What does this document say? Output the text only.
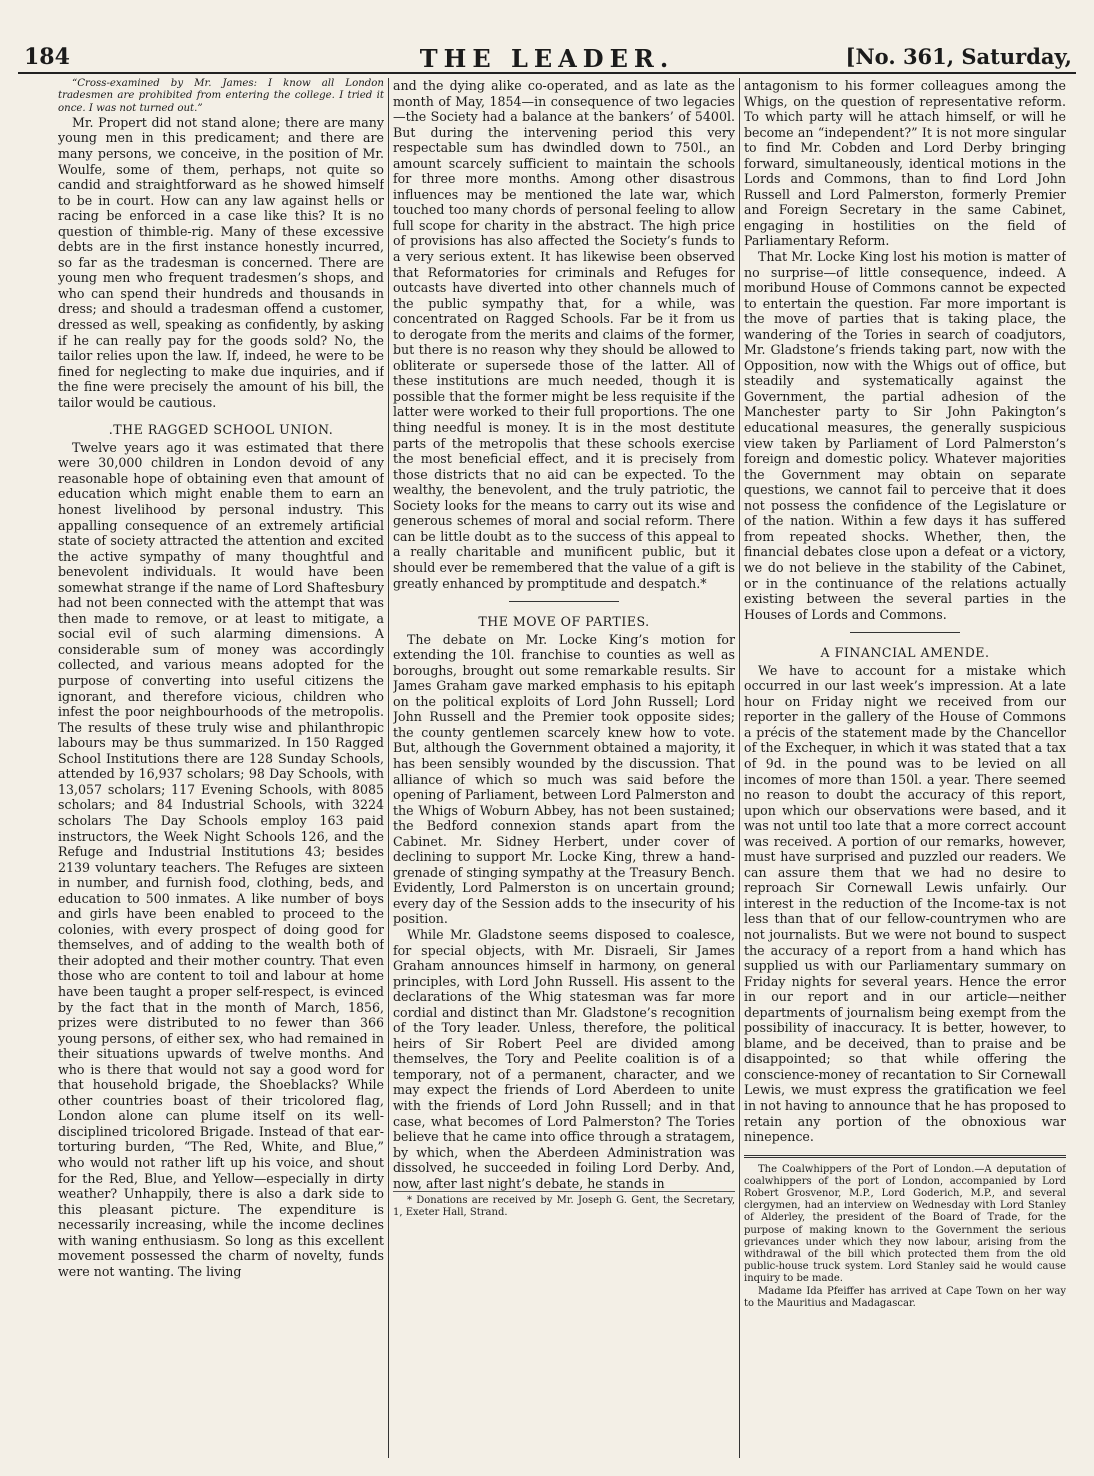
184	THE LEADER.	[No. 361, Saturday,

“Cross-examined by Mr. James: I know all London tradesmen are prohibited from entering the college. I tried it once. I was not turned out.”

Mr. Propert did not stand alone; there are many young men in this predicament; and there are many persons, we conceive, in the position of Mr. Woulfe, some of them, perhaps, not quite so candid and straightforward as he showed himself to be in court. How can any law against hells or racing be enforced in a case like this? It is no question of thimble-rig. Many of these excessive debts are in the first instance honestly incurred, so far as the tradesman is concerned. There are young men who frequent tradesmen’s shops, and who can spend their hundreds and thousands in dress; and should a tradesman offend a customer, dressed as well, speaking as confidently, by asking if he can really pay for the goods sold? No, the tailor relies upon the law. If, indeed, he were to be fined for neglecting to make due inquiries, and if the fine were precisely the amount of his bill, the tailor would be cautious.

.THE RAGGED SCHOOL UNION.

Twelve years ago it was estimated that there were 30,000 children in London devoid of any reasonable hope of obtaining even that amount of education which might enable them to earn an honest livelihood by personal industry. This appalling consequence of an extremely artificial state of society attracted the attention and excited the active sympathy of many thoughtful and benevolent individuals. It would have been somewhat strange if the name of Lord Shaftesbury had not been connected with the attempt that was then made to remove, or at least to mitigate, a social evil of such alarming dimensions. A considerable sum of money was accordingly collected, and various means adopted for the purpose of converting into useful citizens the ignorant, and therefore vicious, children who infest the poor neighbourhoods of the metropolis. The results of these truly wise and philanthropic labours may be thus summarized. In 150 Ragged School Institutions there are 128 Sunday Schools, attended by 16,937 scholars; 98 Day Schools, with 13,057 scholars; 117 Evening Schools, with 8085 scholars; and 84 Industrial Schools, with 3224 scholars The Day Schools employ 163 paid instructors, the Week Night Schools 126, and the Refuge and Industrial Institutions 43; besides 2139 voluntary teachers. The Refuges are sixteen in number, and furnish food, clothing, beds, and education to 500 inmates. A like number of boys and girls have been enabled to proceed to the colonies, with every prospect of doing good for themselves, and of adding to the wealth both of their adopted and their mother country. That even those who are content to toil and labour at home have been taught a proper self-respect, is evinced by the fact that in the month of March, 1856, prizes were distributed to no fewer than 366 young persons, of either sex, who had remained in their situations upwards of twelve months. And who is there that would not say a good word for that household brigade, the Shoeblacks? While other countries boast of their tricolored flag, London alone can plume itself on its well-disciplined tricolored Brigade. Instead of that ear-torturing burden, “The Red, White, and Blue,” who would not rather lift up his voice, and shout for the Red, Blue, and Yellow—especially in dirty weather? Unhappily, there is also a dark side to this pleasant picture. The expenditure is necessarily increasing, while the income declines with waning enthusiasm. So long as this excellent movement possessed the charm of novelty, funds were not wanting. The living

and the dying alike co-operated, and as late as the month of May, 1854—in consequence of two legacies—the Society had a balance at the bankers’ of 5400l. But during the intervening period this very respectable sum has dwindled down to 750l., an amount scarcely sufficient to maintain the schools for three more months. Among other disastrous influences may be mentioned the late war, which touched too many chords of personal feeling to allow full scope for charity in the abstract. The high price of provisions has also affected the Society’s funds to a very serious extent. It has likewise been observed that Reformatories for criminals and Refuges for outcasts have diverted into other channels much of the public sympathy that, for a while, was concentrated on Ragged Schools. Far be it from us to derogate from the merits and claims of the former, but there is no reason why they should be allowed to obliterate or supersede those of the latter. All of these institutions are much needed, though it is possible that the former might be less requisite if the latter were worked to their full proportions. The one thing needful is money. It is in the most destitute parts of the metropolis that these schools exercise the most beneficial effect, and it is precisely from those districts that no aid can be expected. To the wealthy, the benevolent, and the truly patriotic, the Society looks for the means to carry out its wise and generous schemes of moral and social reform. There can be little doubt as to the success of this appeal to a really charitable and munificent public, but it should ever be remembered that the value of a gift is greatly enhanced by promptitude and despatch.*

THE MOVE OF PARTIES.

The debate on Mr. Locke King’s motion for extending the 10l. franchise to counties as well as boroughs, brought out some remarkable results. Sir James Graham gave marked emphasis to his epitaph on the political exploits of Lord John Russell; Lord John Russell and the Premier took opposite sides; the county gentlemen scarcely knew how to vote. But, although the Government obtained a majority, it has been sensibly wounded by the discussion. That alliance of which so much was said before the opening of Parliament, between Lord Palmerston and the Whigs of Woburn Abbey, has not been sustained; the Bedford connexion stands apart from the Cabinet. Mr. Sidney Herbert, under cover of declining to support Mr. Locke King, threw a hand-grenade of stinging sympathy at the Treasury Bench. Evidently, Lord Palmerston is on uncertain ground; every day of the Session adds to the insecurity of his position.

While Mr. Gladstone seems disposed to coalesce, for special objects, with Mr. Disraeli, Sir James Graham announces himself in harmony, on general principles, with Lord John Russell. His assent to the declarations of the Whig statesman was far more cordial and distinct than Mr. Gladstone’s recognition of the Tory leader. Unless, therefore, the political heirs of Sir Robert Peel are divided among themselves, the Tory and Peelite coalition is of a temporary, not of a permanent, character, and we may expect the friends of Lord Aberdeen to unite with the friends of Lord John Russell; and in that case, what becomes of Lord Palmerston? The Tories believe that he came into office through a stratagem, by which, when the Aberdeen Administration was dissolved, he succeeded in foiling Lord Derby. And, now, after last night’s debate, he stands in

* Donations are received by Mr. Joseph G. Gent, the Secretary, 1, Exeter Hall, Strand.

antagonism to his former colleagues among the Whigs, on the question of representative reform. To which party will he attach himself, or will he become an “independent?” It is not more singular to find Mr. Cobden and Lord Derby bringing forward, simultaneously, identical motions in the Lords and Commons, than to find Lord John Russell and Lord Palmerston, formerly Premier and Foreign Secretary in the same Cabinet, engaging in hostilities on the field of Parliamentary Reform.

That Mr. Locke King lost his motion is matter of no surprise—of little consequence, indeed. A moribund House of Commons cannot be expected to entertain the question. Far more important is the move of parties that is taking place, the wandering of the Tories in search of coadjutors, Mr. Gladstone’s friends taking part, now with the Opposition, now with the Whigs out of office, but steadily and systematically against the Government, the partial adhesion of the Manchester party to Sir John Pakington’s educational measures, the generally suspicious view taken by Parliament of Lord Palmerston’s foreign and domestic policy. Whatever majorities the Government may obtain on separate questions, we cannot fail to perceive that it does not possess the confidence of the Legislature or of the nation. Within a few days it has suffered from repeated shocks. Whether, then, the financial debates close upon a defeat or a victory, we do not believe in the stability of the Cabinet, or in the continuance of the relations actually existing between the several parties in the Houses of Lords and Commons.

A FINANCIAL AMENDE.

We have to account for a mistake which occurred in our last week’s impression. At a late hour on Friday night we received from our reporter in the gallery of the House of Commons a précis of the statement made by the Chancellor of the Exchequer, in which it was stated that a tax of 9d. in the pound was to be levied on all incomes of more than 150l. a year. There seemed no reason to doubt the accuracy of this report, upon which our observations were based, and it was not until too late that a more correct account was received. A portion of our remarks, however, must have surprised and puzzled our readers. We can assure them that we had no desire to reproach Sir Cornewall Lewis unfairly. Our interest in the reduction of the Income-tax is not less than that of our fellow-countrymen who are not journalists. But we were not bound to suspect the accuracy of a report from a hand which has supplied us with our Parliamentary summary on Friday nights for several years. Hence the error in our report and in our article—neither departments of journalism being exempt from the possibility of inaccuracy. It is better, however, to blame, and be deceived, than to praise and be disappointed; so that while offering the conscience-money of recantation to Sir Cornewall Lewis, we must express the gratification we feel in not having to announce that he has proposed to retain any portion of the obnoxious war ninepence.

The Coalwhippers of the Port of London.—A deputation of coalwhippers of the port of London, accompanied by Lord Robert Grosvenor, M.P., Lord Goderich, M.P., and several clergymen, had an interview on Wednesday with Lord Stanley of Alderley, the president of the Board of Trade, for the purpose of making known to the Government the serious grievances under which they now labour, arising from the withdrawal of the bill which protected them from the old public-house truck system. Lord Stanley said he would cause inquiry to be made.

Madame Ida Pfeiffer has arrived at Cape Town on her way to the Mauritius and Madagascar.
